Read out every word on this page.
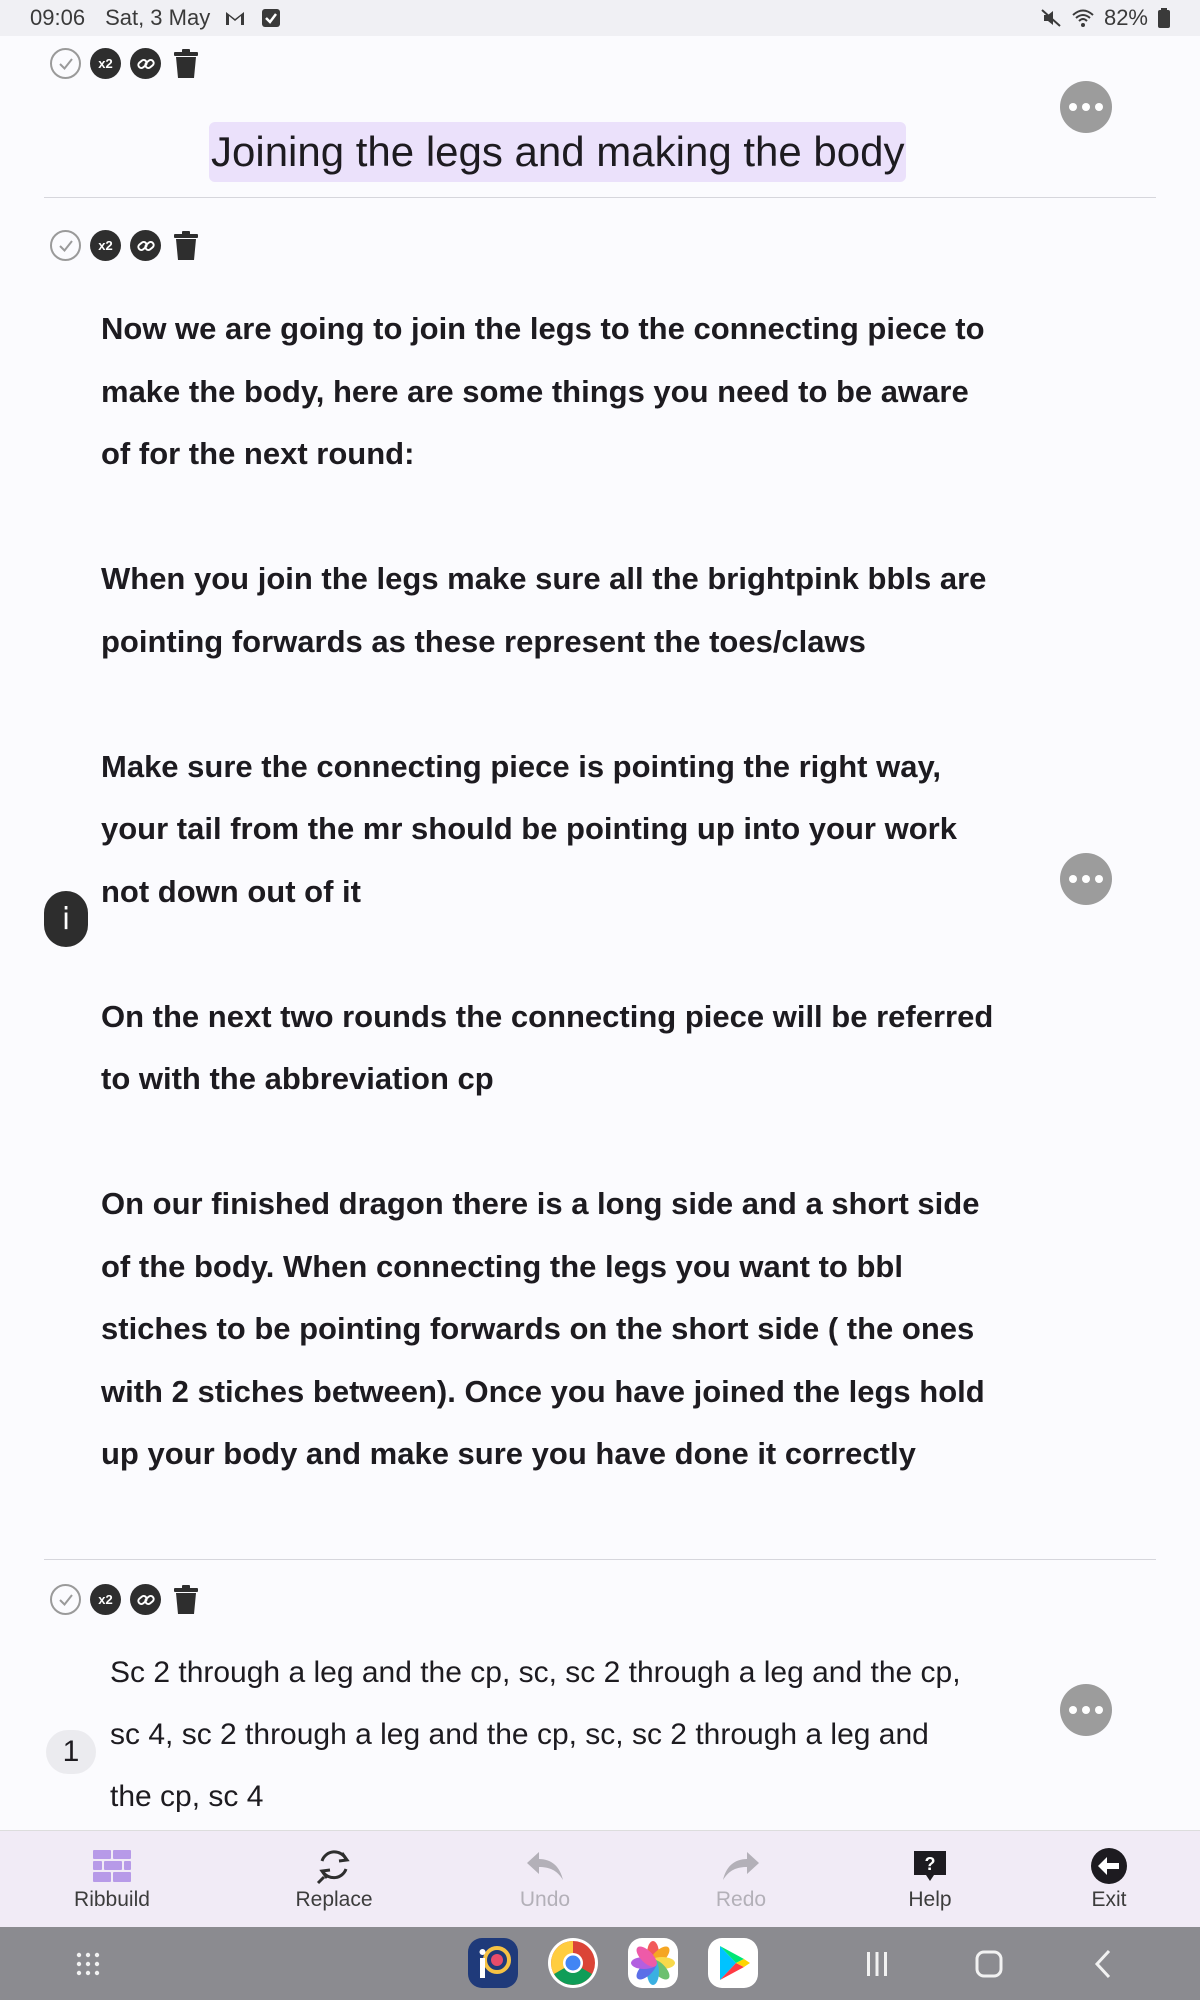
09:06 Sat, 3 May	82%
x2
Joining the legs and making the body
x2

Now we are going to join the legs to the connecting piece to make the body, here are some things you need to be aware of for the next round:

When you join the legs make sure all the brightpink bbls are pointing forwards as these represent the toes/claws

Make sure the connecting piece is pointing the right way, your tail from the mr should be pointing up into your work not down out of it

On the next two rounds the connecting piece will be referred to with the abbreviation cp

On our finished dragon there is a long side and a short side of the body. When connecting the legs you want to bbl stiches to be pointing forwards on the short side ( the ones with 2 stiches between). Once you have joined the legs hold up your body and make sure you have done it correctly

i
x2
Sc 2 through a leg and the cp, sc, sc 2 through a leg and the cp, sc 4, sc 2 through a leg and the cp, sc, sc 2 through a leg and the cp, sc 4
1
Ribbuild	Replace	Undo	Redo
?
Help	Exit
